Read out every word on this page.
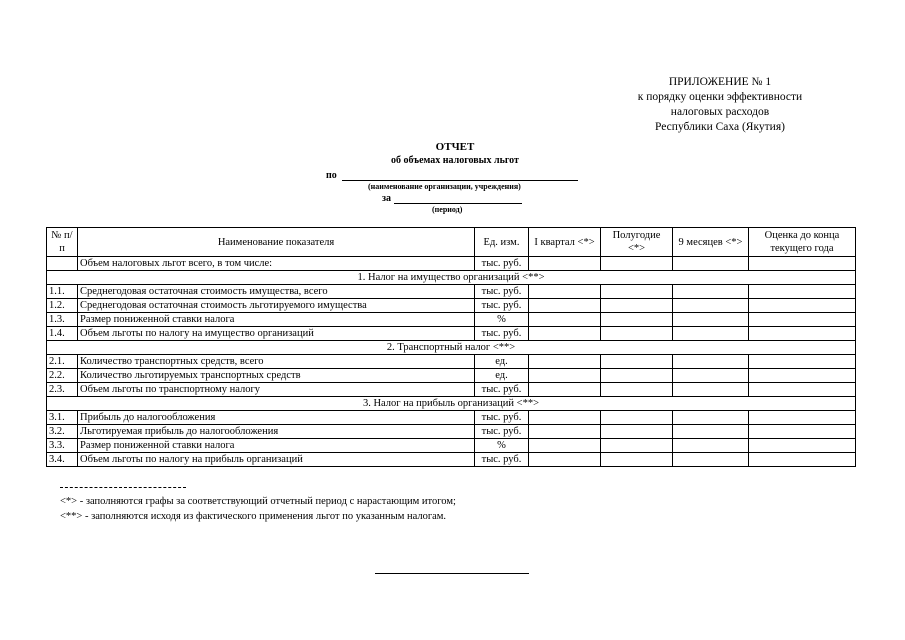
ПРИЛОЖЕНИЕ № 1
к порядку оценки эффективности
налоговых расходов
Республики Саха (Якутия)
ОТЧЕТ
об объемах налоговых льгот
по
(наименование организации, учреждения)
за
(период)
№ п/п	Наименование показателя	Ед. изм.	I квартал <*>	Полугодие <*>	9 месяцев <*>	Оценка до конца текущего года
	Объем налоговых льгот всего, в том числе:	тыс. руб.				
1. Налог на имущество организаций <**>						
1.1.	Среднегодовая остаточная стоимость имущества, всего	тыс. руб.				
1.2.	Среднегодовая остаточная стоимость льготируемого имущества	тыс. руб.				
1.3.	Размер пониженной ставки налога	%				
1.4.	Объем льготы по налогу на имущество организаций	тыс. руб.				
2. Транспортный налог <**>						
2.1.	Количество транспортных средств, всего	ед.				
2.2.	Количество льготируемых транспортных средств	ед.				
2.3.	Объем льготы по транспортному налогу	тыс. руб.				
3. Налог на прибыль организаций <**>						
3.1.	Прибыль до налогообложения	тыс. руб.				
3.2.	Льготируемая прибыль до налогообложения	тыс. руб.				
3.3.	Размер пониженной ставки налога	%				
3.4.	Объем льготы по налогу на прибыль организаций	тыс. руб.				
<*> - заполняются графы за соответствующий отчетный период с нарастающим итогом;
<**> - заполняются исходя из фактического применения льгот по указанным налогам.
